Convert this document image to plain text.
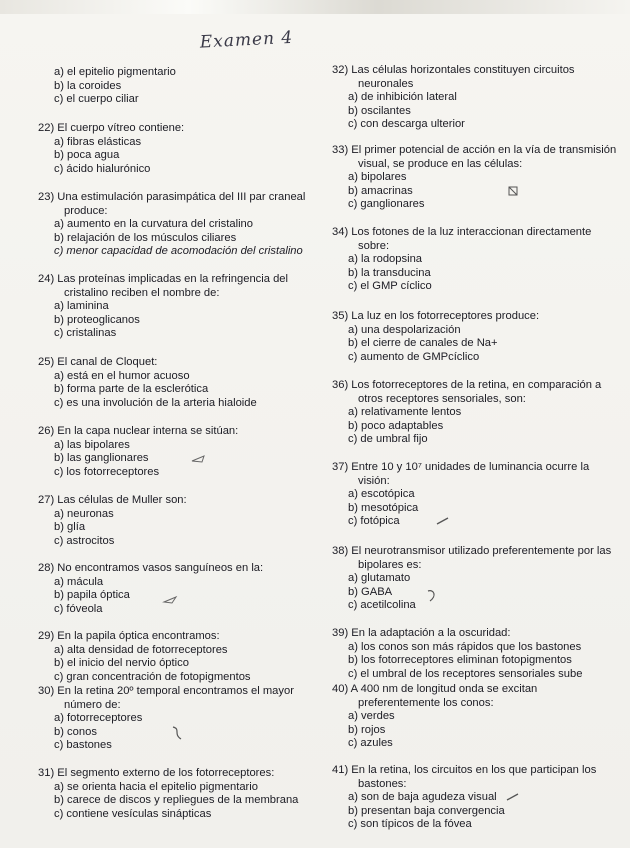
Examen 4
a) el epitelio pigmentario
b) la coroides
c) el cuerpo ciliar
22) El cuerpo vítreo contiene:
a) fibras elásticas
b) poca agua
c) ácido hialurónico
23) Una estimulación parasimpática del III par craneal
produce:
a) aumento en la curvatura del cristalino
b) relajación de los músculos ciliares
c) menor capacidad de acomodación del cristalino
24) Las proteínas implicadas en la refringencia del
cristalino reciben el nombre de:
a) laminina
b) proteoglicanos
c) cristalinas
25) El canal de Cloquet:
a) está en el humor acuoso
b) forma parte de la esclerótica
c) es una involución de la arteria hialoide
26) En la capa nuclear interna se sitúan:
a) las bipolares
b) las ganglionares
c) los fotorreceptores
27) Las células de Muller son:
a) neuronas
b) glía
c) astrocitos
28) No encontramos vasos sanguíneos en la:
a) mácula
b) papila óptica
c) fóveola
29) En la papila óptica encontramos:
a) alta densidad de fotorreceptores
b) el inicio del nervio óptico
c) gran concentración de fotopigmentos
30) En la retina 20º temporal encontramos el mayor
número de:
a) fotorreceptores
b) conos
c) bastones
31) El segmento externo de los fotorreceptores:
a) se orienta hacia el epitelio pigmentario
b) carece de discos y repliegues de la membrana
c) contiene vesículas sinápticas
32) Las células horizontales constituyen circuitos
neuronales
a) de inhibición lateral
b) oscilantes
c) con descarga ulterior
33) El primer potencial de acción en la vía de transmisión
visual, se produce en las células:
a) bipolares
b) amacrinas
c) ganglionares
34) Los fotones de la luz interaccionan directamente
sobre:
a) la rodopsina
b) la transducina
c) el GMP cíclico
35) La luz en los fotorreceptores produce:
a) una despolarización
b) el cierre de canales de Na+
c) aumento de GMPcíclico
36) Los fotorreceptores de la retina, en comparación a
otros receptores sensoriales, son:
a) relativamente lentos
b) poco adaptables
c) de umbral fijo
37) Entre 10 y 10⁷ unidades de luminancia ocurre la
visión:
a) escotópica
b) mesotópica
c) fotópica
38) El neurotransmisor utilizado preferentemente por las
bipolares es:
a) glutamato
b) GABA
c) acetilcolina
39) En la adaptación a la oscuridad:
a) los conos son más rápidos que los bastones
b) los fotorreceptores eliminan fotopigmentos
c) el umbral de los receptores sensoriales sube
40) A 400 nm de longitud onda se excitan
preferentemente los conos:
a) verdes
b) rojos
c) azules
41) En la retina, los circuitos en los que participan los
bastones:
a) son de baja agudeza visual
b) presentan baja convergencia
c) son típicos de la fóvea
